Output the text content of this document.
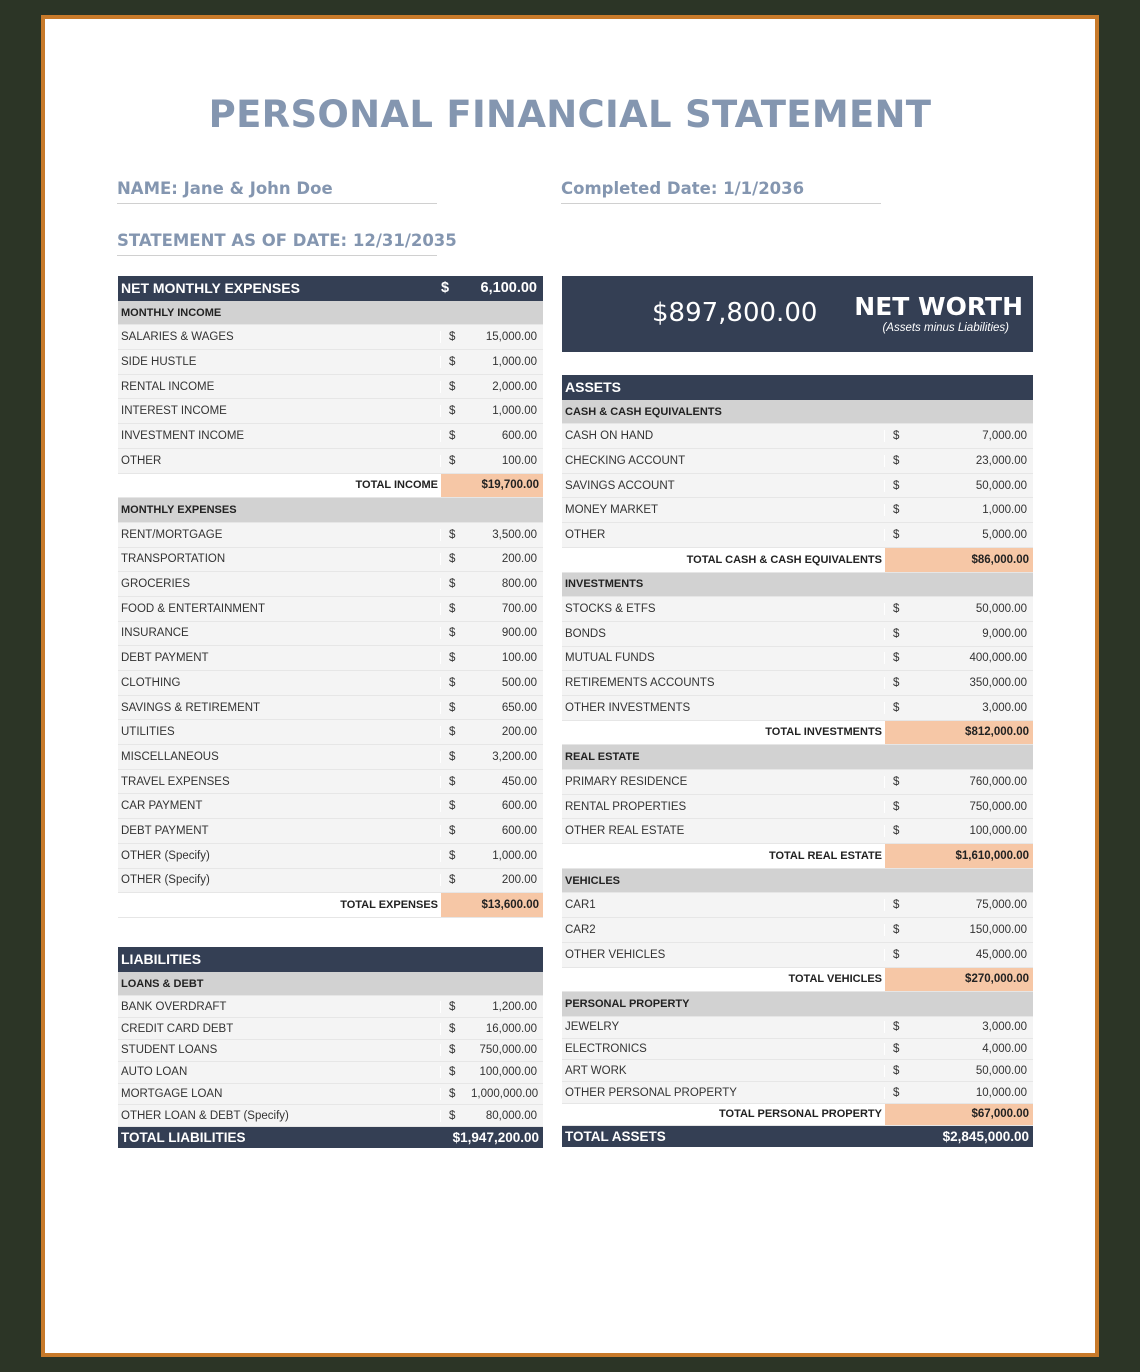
PERSONAL FINANCIAL STATEMENT
NAME: Jane & John Doe	Completed Date: 1/1/2036
STATEMENT AS OF DATE: 12/31/2035
NET MONTHLY EXPENSES	$ 6,100.00
MONTHLY INCOME
SALARIES & WAGES	$	15,000.00
SIDE HUSTLE	$	1,000.00
RENTAL INCOME	$	2,000.00
INTEREST INCOME	$	1,000.00
INVESTMENT INCOME	$	600.00
OTHER	$	100.00
TOTAL INCOME	$19,700.00
MONTHLY EXPENSES
RENT/MORTGAGE	$	3,500.00
TRANSPORTATION	$	200.00
GROCERIES	$	800.00
FOOD & ENTERTAINMENT	$	700.00
INSURANCE	$	900.00
DEBT PAYMENT	$	100.00
CLOTHING	$	500.00
SAVINGS & RETIREMENT	$	650.00
UTILITIES	$	200.00
MISCELLANEOUS	$	3,200.00
TRAVEL EXPENSES	$	450.00
CAR PAYMENT	$	600.00
DEBT PAYMENT	$	600.00
OTHER (Specify)	$	1,000.00
OTHER (Specify)	$	200.00
TOTAL EXPENSES	$13,600.00
LIABILITIES
LOANS & DEBT
BANK OVERDRAFT	$	1,200.00
CREDIT CARD DEBT	$	16,000.00
STUDENT LOANS	$	750,000.00
AUTO LOAN	$	100,000.00
MORTGAGE LOAN	$	1,000,000.00
OTHER LOAN & DEBT (Specify)	$	80,000.00
TOTAL LIABILITIES	$1,947,200.00
$897,800.00 NET WORTH
(Assets minus Liabilities)
ASSETS
CASH & CASH EQUIVALENTS
CASH ON HAND	$	7,000.00
CHECKING ACCOUNT	$	23,000.00
SAVINGS ACCOUNT	$	50,000.00
MONEY MARKET	$	1,000.00
OTHER	$	5,000.00
TOTAL CASH & CASH EQUIVALENTS	$86,000.00
INVESTMENTS
STOCKS & ETFS	$	50,000.00
BONDS	$	9,000.00
MUTUAL FUNDS	$	400,000.00
RETIREMENTS ACCOUNTS	$	350,000.00
OTHER INVESTMENTS	$	3,000.00
TOTAL INVESTMENTS	$812,000.00
REAL ESTATE
PRIMARY RESIDENCE	$	760,000.00
RENTAL PROPERTIES	$	750,000.00
OTHER REAL ESTATE	$	100,000.00
TOTAL REAL ESTATE	$1,610,000.00
VEHICLES
CAR1	$	75,000.00
CAR2	$	150,000.00
OTHER VEHICLES	$	45,000.00
TOTAL VEHICLES	$270,000.00
PERSONAL PROPERTY
JEWELRY	$	3,000.00
ELECTRONICS	$	4,000.00
ART WORK	$	50,000.00
OTHER PERSONAL PROPERTY	$	10,000.00
TOTAL PERSONAL PROPERTY	$67,000.00
TOTAL ASSETS	$2,845,000.00
